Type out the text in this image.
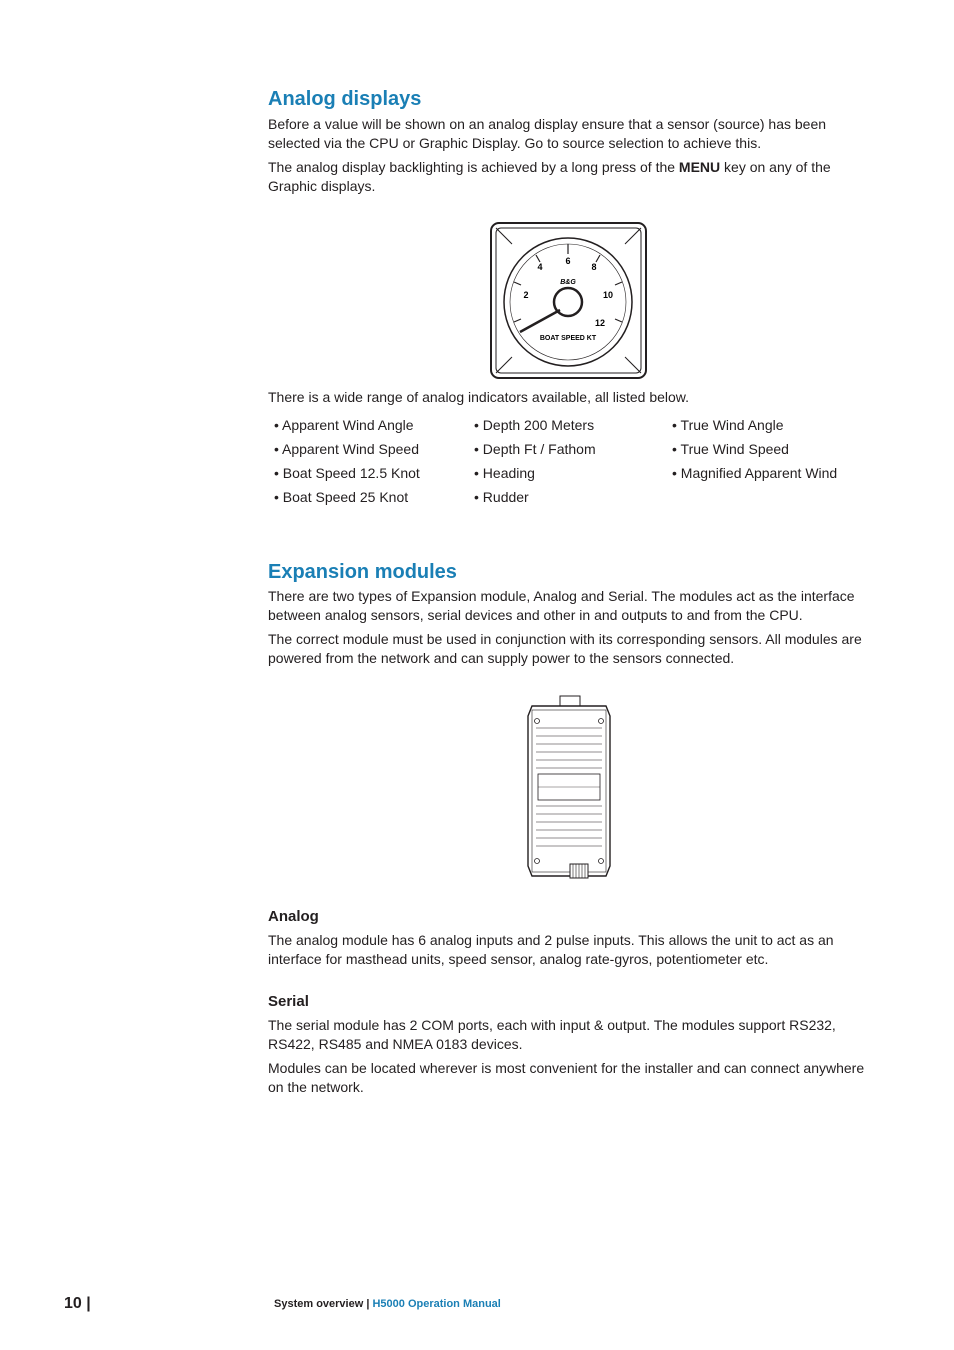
Analog displays

Before a value will be shown on an analog display ensure that a sensor (source) has been selected via the CPU or Graphic Display. Go to source selection to achieve this.

The analog display backlighting is achieved by a long press of the MENU key on any of the Graphic displays.

4
6
8
2	10
12
B&G
BOAT SPEED KT

There is a wide range of analog indicators available, all listed below.

• Apparent Wind Angle
• Apparent Wind Speed
• Boat Speed 12.5 Knot
• Boat Speed 25 Knot
• Depth 200 Meters
• Depth Ft / Fathom
• Heading
• Rudder
• True Wind Angle
• True Wind Speed
• Magnified Apparent Wind
Expansion modules

There are two types of Expansion module, Analog and Serial. The modules act as the interface between analog sensors, serial devices and other in and outputs to and from the CPU.

The correct module must be used in conjunction with its corresponding sensors. All modules are powered from the network and can supply power to the sensors connected.

Analog

The analog module has 6 analog inputs and 2 pulse inputs. This allows the unit to act as an interface for masthead units, speed sensor, analog rate-gyros, potentiometer etc.

Serial

The serial module has 2 COM ports, each with input & output. The modules support RS232, RS422, RS485 and NMEA 0183 devices.

Modules can be located wherever is most convenient for the installer and can connect anywhere on the network.

10 |	System overview | H5000 Operation Manual
